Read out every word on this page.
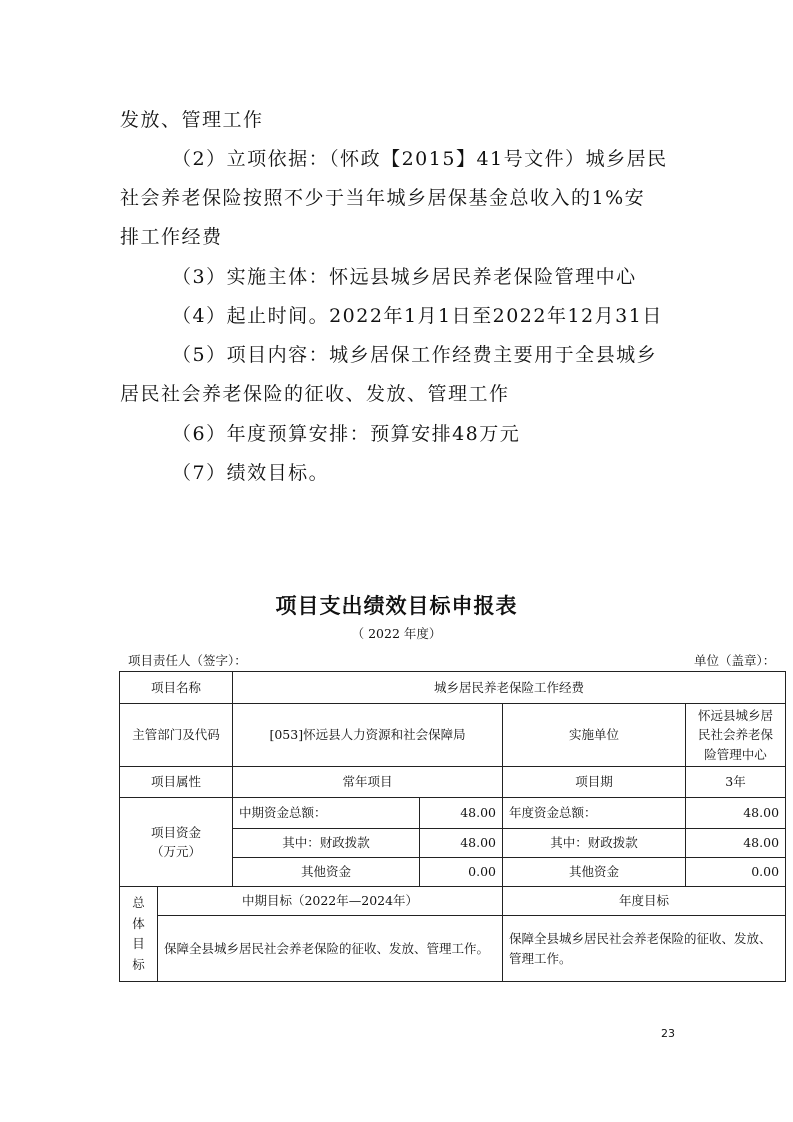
发放、管理工作
（2）立项依据：（怀政【2015】41号文件）城乡居民
社会养老保险按照不少于当年城乡居保基金总收入的1%安
排工作经费
（3）实施主体：怀远县城乡居民养老保险管理中心
（4）起止时间。2022年1月1日至2022年12月31日
（5）项目内容：城乡居保工作经费主要用于全县城乡
居民社会养老保险的征收、发放、管理工作
（6）年度预算安排：预算安排48万元
（7）绩效目标。
项目支出绩效目标申报表
（ 2022 年度）
项目责任人（签字）：	单位（盖章）：
项目名称		城乡居民养老保险工作经费			
主管部门及代码		[053]怀远县人力资源和社会保障局		实施单位	怀远县城乡居民社会养老保险管理中心
项目属性		常年项目		项目期	3年
项目资金（万元）		中期资金总额：	48.00	年度资金总额：	48.00
		其中：财政拨款	48.00	其中：财政拨款	48.00
		其他资金	0.00	其他资金	0.00
总体目标	中期目标（2022年—2024年）			年度目标	
	保障全县城乡居民社会养老保险的征收、发放、管理工作。			保障全县城乡居民社会养老保险的征收、发放、管理工作。	
23
